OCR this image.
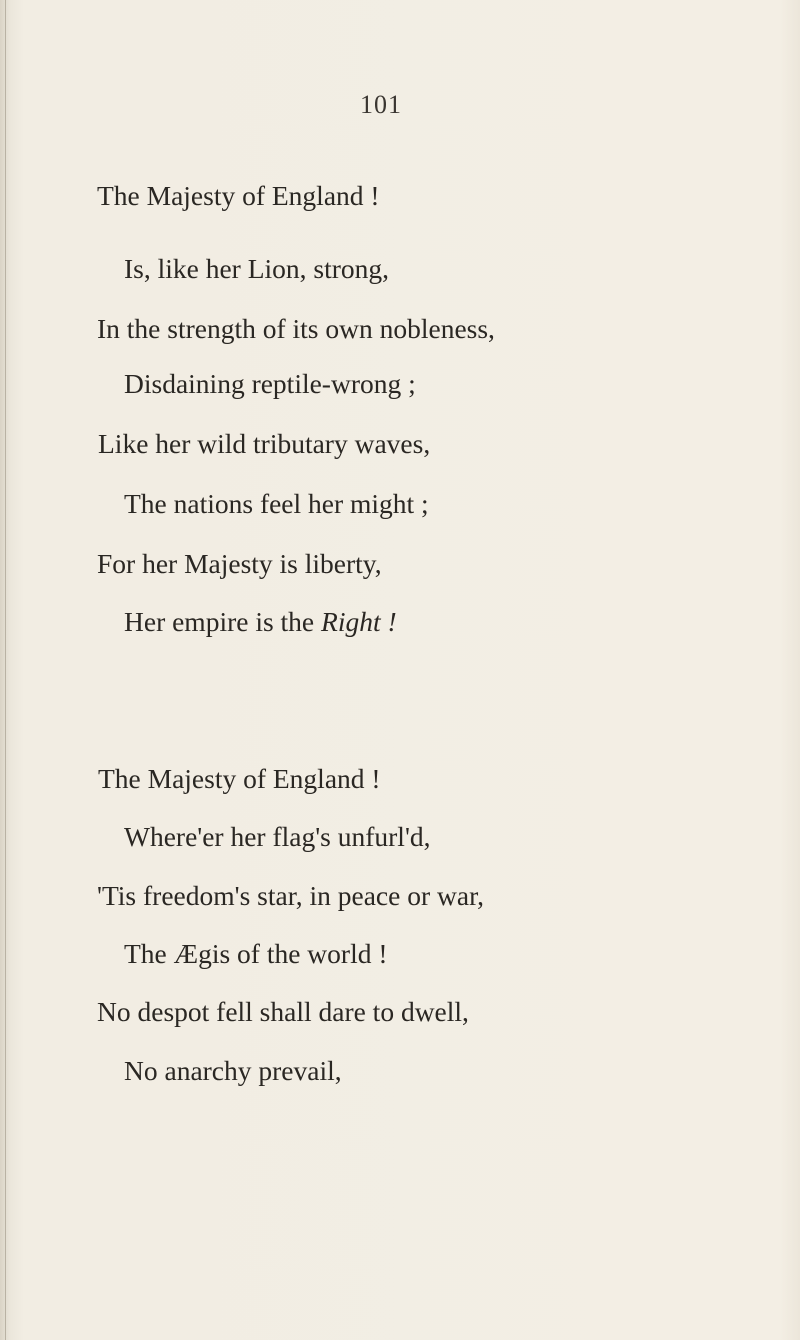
101
The Majesty of England !
Is, like her Lion, strong,
In the strength of its own nobleness,
Disdaining reptile-wrong ;
Like her wild tributary waves,
The nations feel her might ;
For her Majesty is liberty,
Her empire is the Right !
The Majesty of England !
Where'er her flag's unfurl'd,
'Tis freedom's star, in peace or war,
The Ægis of the world !
No despot fell shall dare to dwell,
No anarchy prevail,
